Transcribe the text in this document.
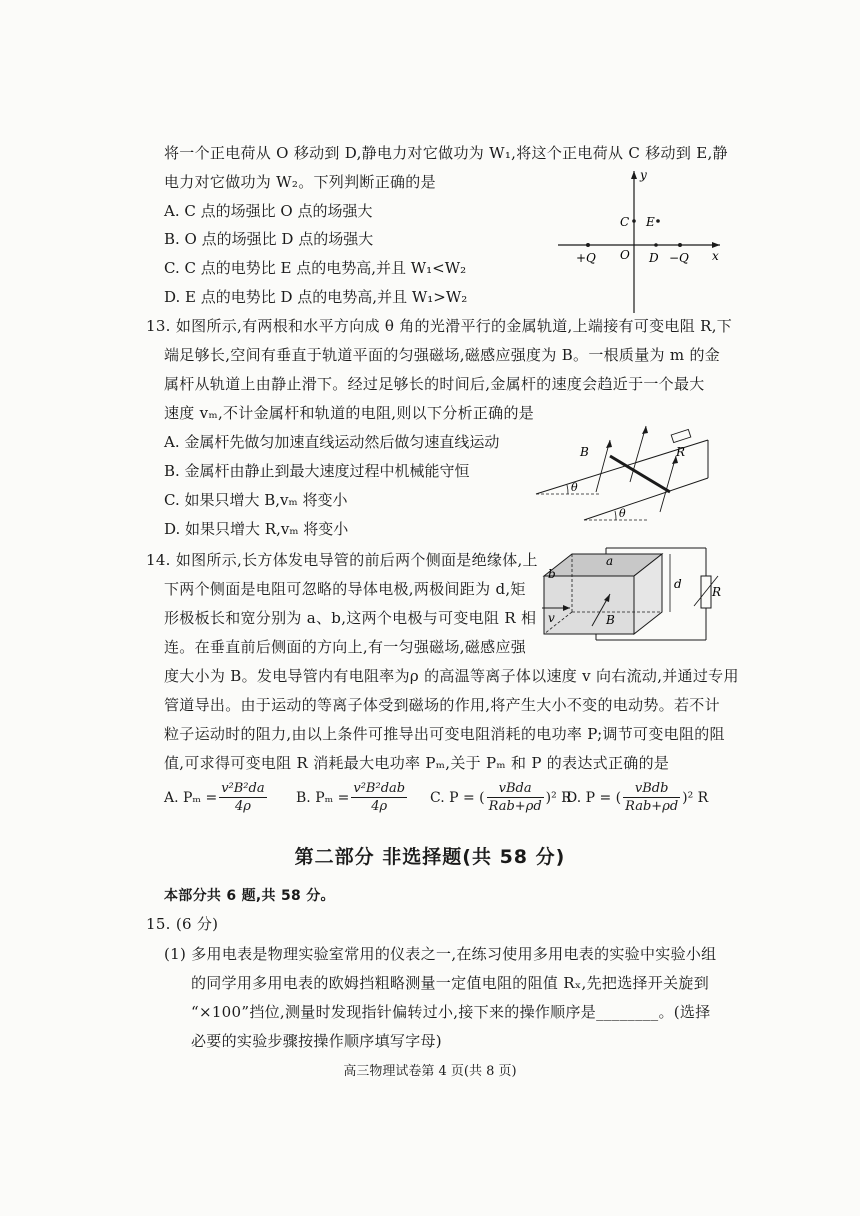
将一个正电荷从 O 移动到 D,静电力对它做功为 W₁,将这个正电荷从 C 移动到 E,静
电力对它做功为 W₂。下列判断正确的是
A. C 点的场强比 O 点的场强大
B. O 点的场强比 D 点的场强大
C. C 点的电势比 E 点的电势高,并且 W₁<W₂
D. E 点的电势比 D 点的电势高,并且 W₁>W₂
y
x
C E
+Q O D −Q
13. 如图所示,有两根和水平方向成 θ 角的光滑平行的金属轨道,上端接有可变电阻 R,下
端足够长,空间有垂直于轨道平面的匀强磁场,磁感应强度为 B。一根质量为 m 的金
属杆从轨道上由静止滑下。经过足够长的时间后,金属杆的速度会趋近于一个最大
速度 vₘ,不计金属杆和轨道的电阻,则以下分析正确的是
A. 金属杆先做匀加速直线运动然后做匀速直线运动
B. 金属杆由静止到最大速度过程中机械能守恒
C. 如果只增大 B,vₘ 将变小
D. 如果只增大 R,vₘ 将变小
θ
θ
B	R
14. 如图所示,长方体发电导管的前后两个侧面是绝缘体,上
下两个侧面是电阻可忽略的导体电极,两极间距为 d,矩
形极板长和宽分别为 a、b,这两个电极与可变电阻 R 相
连。在垂直前后侧面的方向上,有一匀强磁场,磁感应强
度大小为 B。发电导管内有电阻率为ρ 的高温等离子体以速度 v 向右流动,并通过专用
管道导出。由于运动的等离子体受到磁场的作用,将产生大小不变的电动势。若不计
粒子运动时的阻力,由以上条件可推导出可变电阻消耗的电功率 P;调节可变电阻的阻
值,可求得可变电阻 R 消耗最大电功率 Pₘ,关于 Pₘ 和 P 的表达式正确的是
a
b
d
v	B
R
A. $P_m = \frac{\text{v²B²da}}{4\rho} B$. $P_m = \frac{\text{v²B²dab}}{4\rho} C$. P = ( $\frac{\text{vBda}}{\text{Rab+ρd}} )^2$ R
D. P = ( $\frac{\text{vBdb}}{\text{Rab+ρd}} )^2$ R
第二部分 非选择题(共 58 分)
本部分共 6 题,共 58 分。
15. (6 分)
(1) 多用电表是物理实验室常用的仪表之一,在练习使用多用电表的实验中实验小组
的同学用多用电表的欧姆挡粗略测量一定值电阻的阻值 Rₓ,先把选择开关旋到
“×100”挡位,测量时发现指针偏转过小,接下来的操作顺序是________。(选择
必要的实验步骤按操作顺序填写字母)
高三物理试卷第 4 页(共 8 页)
